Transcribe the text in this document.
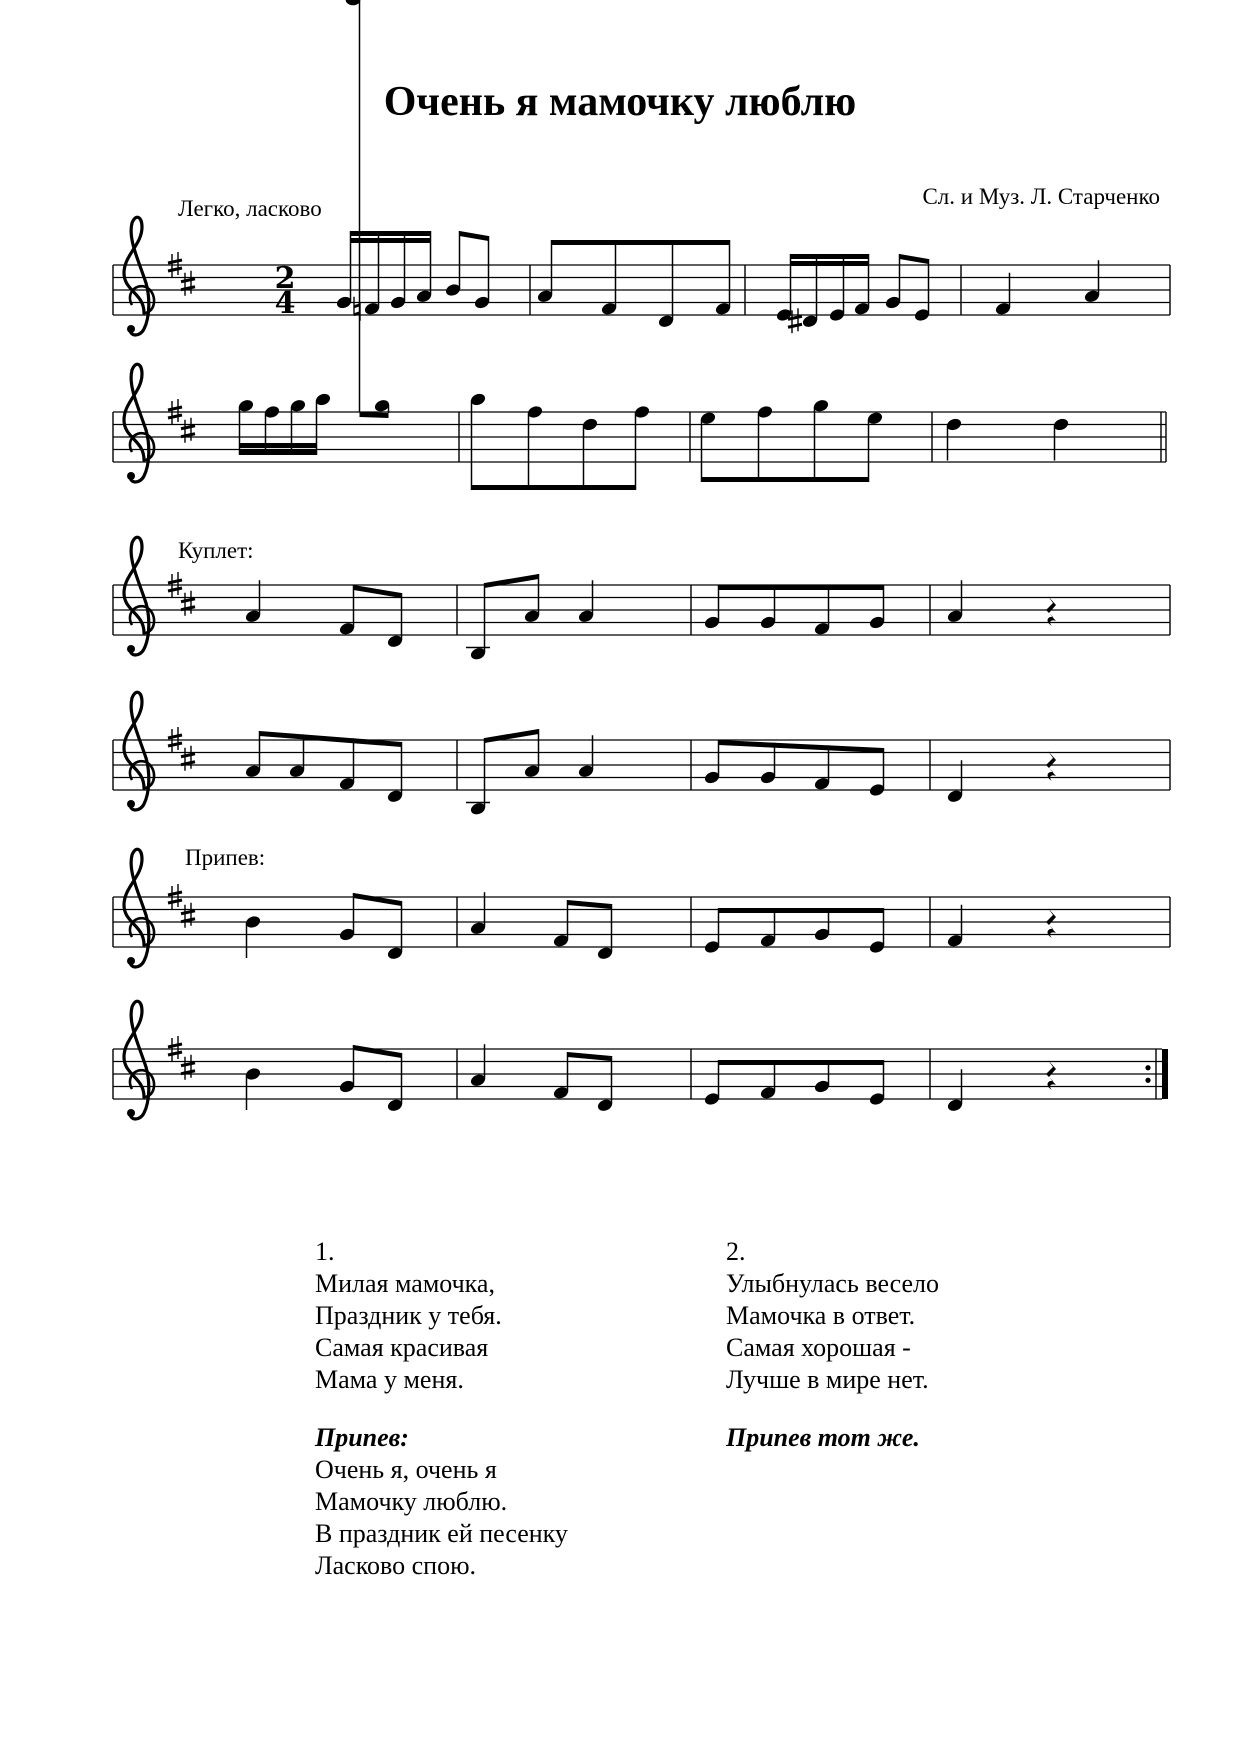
Очень я мамочку люблю
Легко, ласково	Сл. и Муз. Л. Старченко
Куплет:
Припев:
2
4
1.
Милая мамочка,
Праздник у тебя.
Самая красивая
Мама у меня.
Припев:
Очень я, очень я
Мамочку люблю.
В праздник ей песенку
Ласково спою.
2.
Улыбнулась весело
Мамочка в ответ.
Самая хорошая -
Лучше в мире нет.
Припев тот же.
